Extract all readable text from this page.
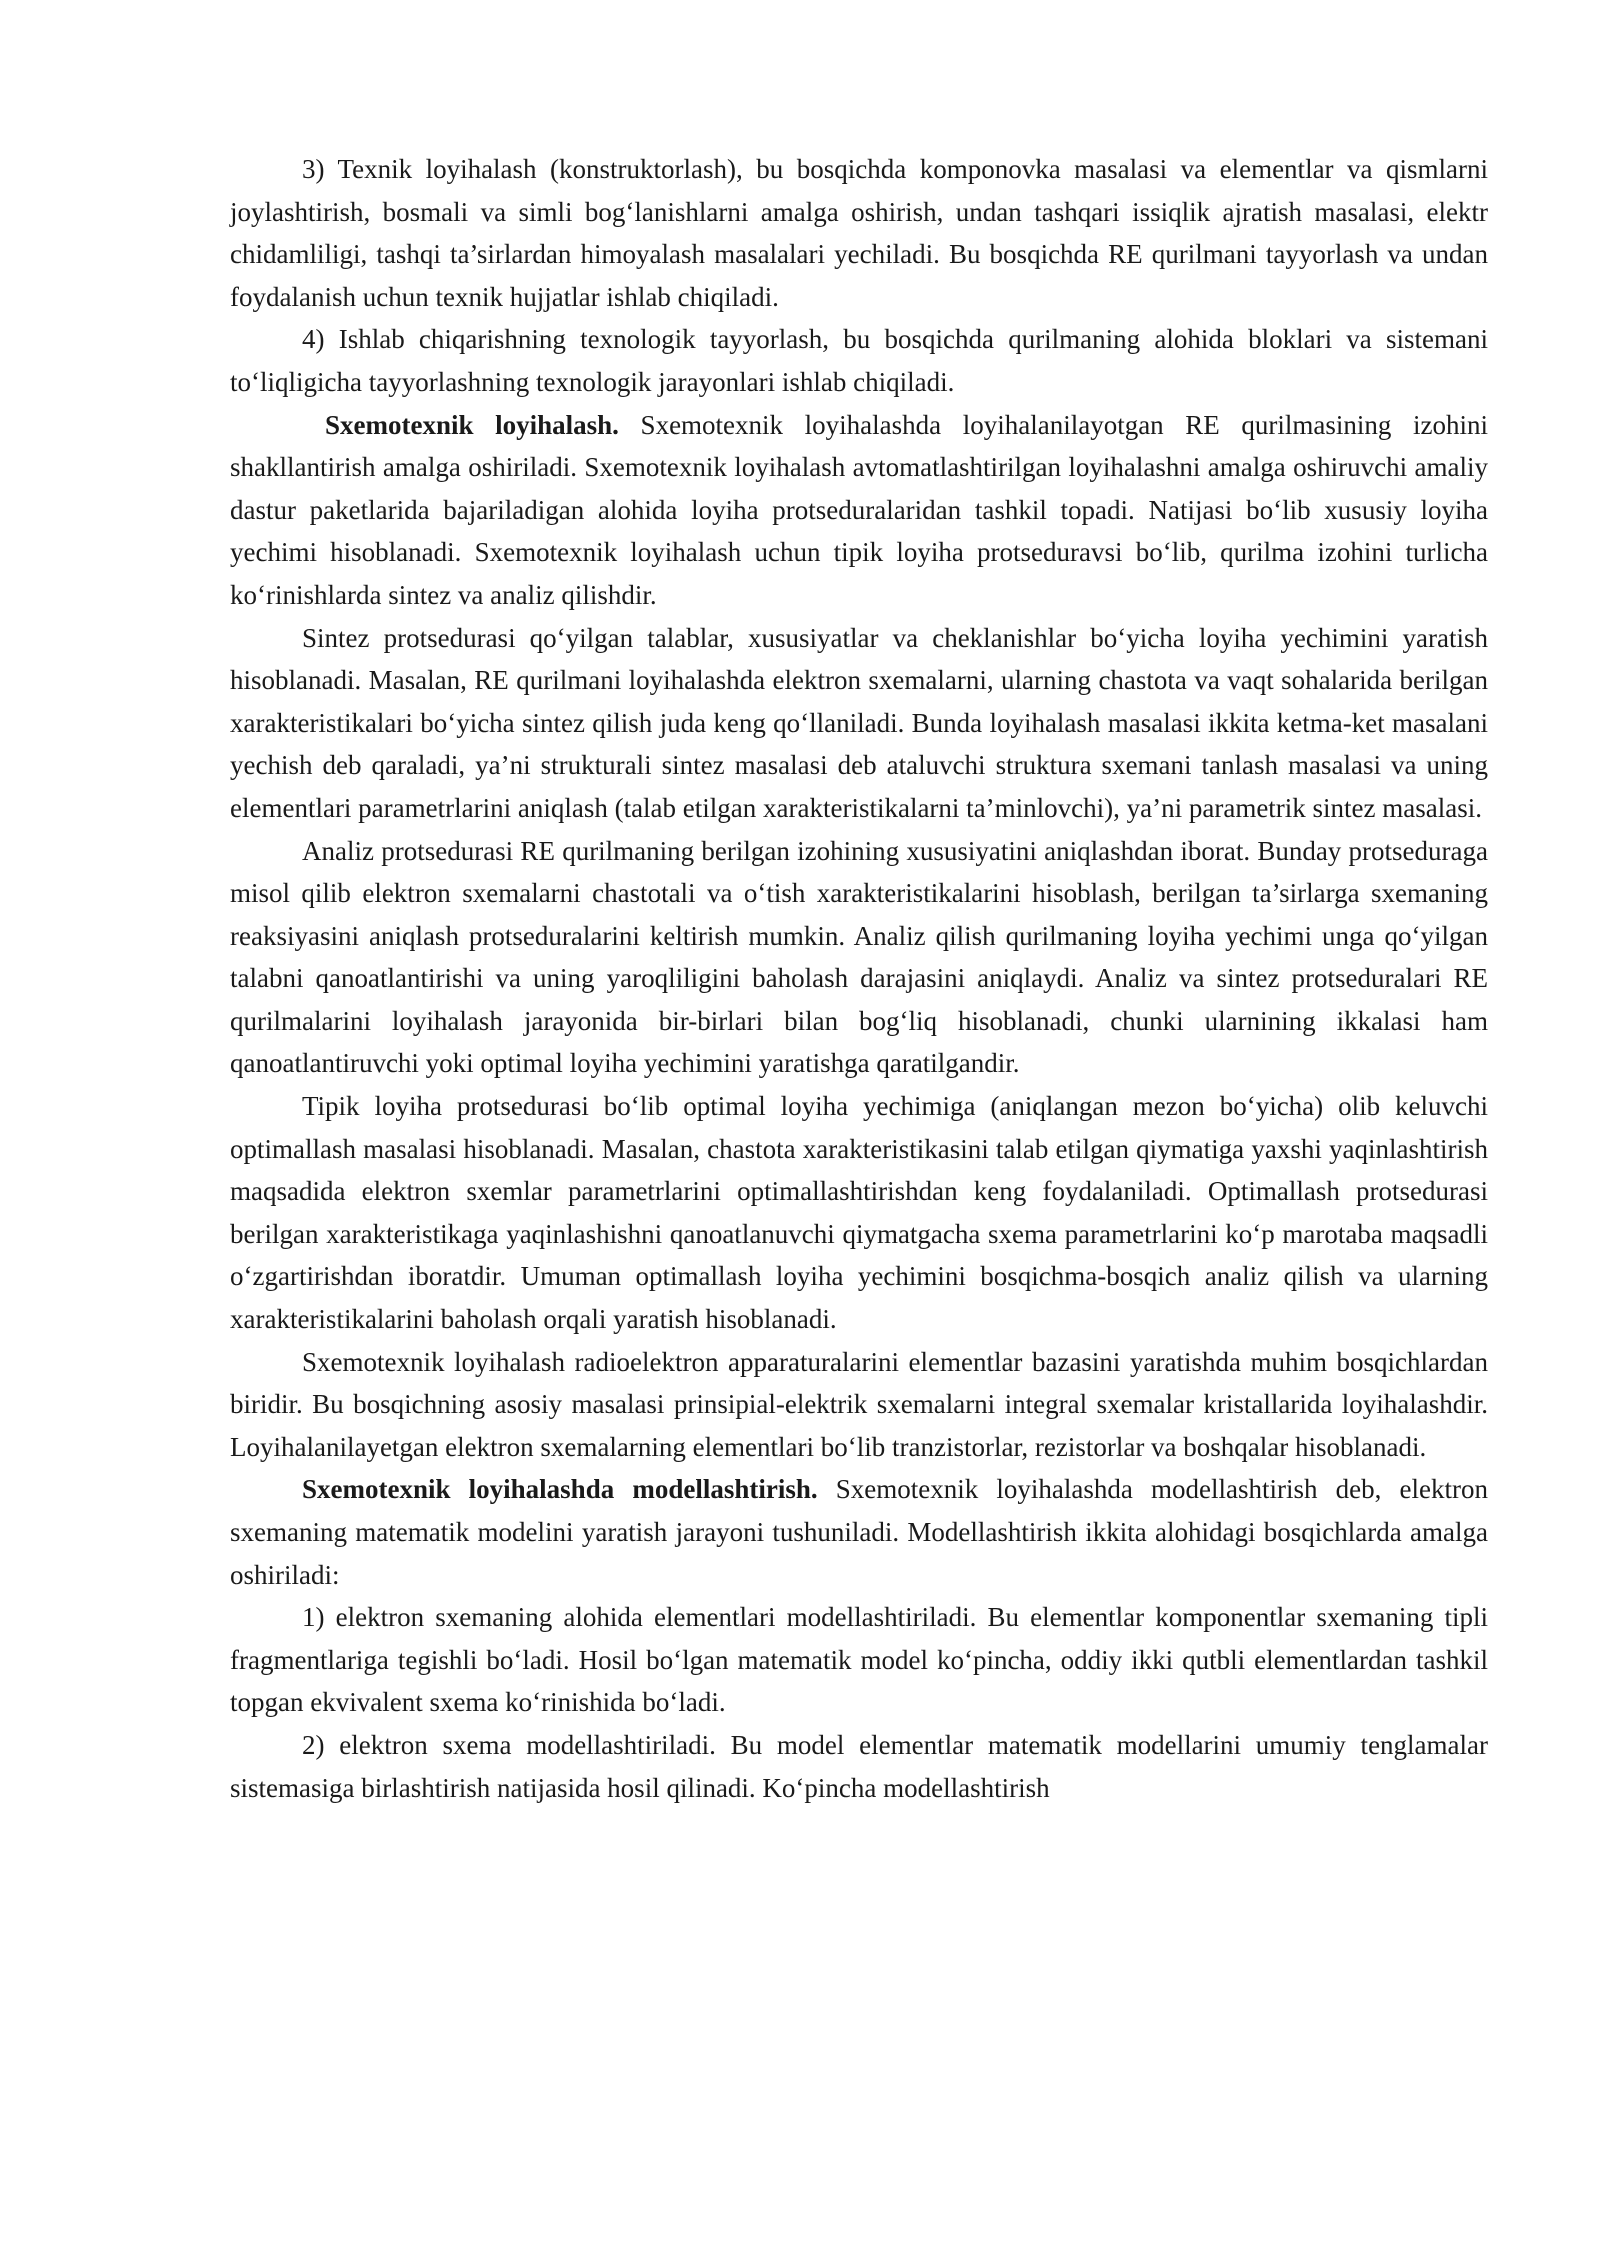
3) Texnik loyihalash (konstruktorlash), bu bosqichda komponovka masalasi va elementlar va qismlarni joylashtirish, bosmali va simli bog‘lanishlarni amalga oshirish, undan tashqari issiqlik ajratish masalasi, elektr chidamliligi, tashqi ta’sirlardan himoyalash masalalari yechiladi. Bu bosqichda RE qurilmani tayyorlash va undan foydalanish uchun texnik hujjatlar ishlab chiqiladi.

4) Ishlab chiqarishning texnologik tayyorlash, bu bosqichda qurilmaning alohida bloklari va sistemani to‘liqligicha tayyorlashning texnologik jarayonlari ishlab chiqiladi.

Sxemotexnik loyihalash. Sxemotexnik loyihalashda loyihalanilayotgan RE qurilmasining izohini shakllantirish amalga oshiriladi. Sxemotexnik loyihalash avtomatlashtirilgan loyihalashni amalga oshiruvchi amaliy dastur paketlarida bajariladigan alohida loyiha protseduralaridan tashkil topadi. Natijasi bo‘lib xususiy loyiha yechimi hisoblanadi. Sxemotexnik loyihalash uchun tipik loyiha protseduravsi bo‘lib, qurilma izohini turlicha ko‘rinishlarda sintez va analiz qilishdir.

Sintez protsedurasi qo‘yilgan talablar, xususiyatlar va cheklanishlar bo‘yicha loyiha yechimini yaratish hisoblanadi. Masalan, RE qurilmani loyihalashda elektron sxemalarni, ularning chastota va vaqt sohalarida berilgan xarakteristikalari bo‘yicha sintez qilish juda keng qo‘llaniladi. Bunda loyihalash masalasi ikkita ketma-ket masalani yechish deb qaraladi, ya’ni strukturali sintez masalasi deb ataluvchi struktura sxemani tanlash masalasi va uning elementlari parametrlarini aniqlash (talab etilgan xarakteristikalarni ta’minlovchi), ya’ni parametrik sintez masalasi.

Analiz protsedurasi RE qurilmaning berilgan izohining xususiyatini aniqlashdan iborat. Bunday protseduraga misol qilib elektron sxemalarni chastotali va o‘tish xarakteristikalarini hisoblash, berilgan ta’sirlarga sxemaning reaksiyasini aniqlash protseduralarini keltirish mumkin. Analiz qilish qurilmaning loyiha yechimi unga qo‘yilgan talabni qanoatlantirishi va uning yaroqliligini baholash darajasini aniqlaydi. Analiz va sintez protseduralari RE qurilmalarini loyihalash jarayonida bir-birlari bilan bog‘liq hisoblanadi, chunki ularnining ikkalasi ham qanoatlantiruvchi yoki optimal loyiha yechimini yaratishga qaratilgandir.

Tipik loyiha protsedurasi bo‘lib optimal loyiha yechimiga (aniqlangan mezon bo‘yicha) olib keluvchi optimallash masalasi hisoblanadi. Masalan, chastota xarakteristikasini talab etilgan qiymatiga yaxshi yaqinlashtirish maqsadida elektron sxemlar parametrlarini optimallashtirishdan keng foydalaniladi. Optimallash protsedurasi berilgan xarakteristikaga yaqinlashishni qanoatlanuvchi qiymatgacha sxema parametrlarini ko‘p marotaba maqsadli o‘zgartirishdan iboratdir. Umuman optimallash loyiha yechimini bosqichma-bosqich analiz qilish va ularning xarakteristikalarini baholash orqali yaratish hisoblanadi.

Sxemotexnik loyihalash radioelektron apparaturalarini elementlar bazasini yaratishda muhim bosqichlardan biridir. Bu bosqichning asosiy masalasi prinsipial-elektrik sxemalarni integral sxemalar kristallarida loyihalashdir. Loyihalanilayetgan elektron sxemalarning elementlari bo‘lib tranzistorlar, rezistorlar va boshqalar hisoblanadi.

Sxemotexnik loyihalashda modellashtirish. Sxemotexnik loyihalashda modellashtirish deb, elektron sxemaning matematik modelini yaratish jarayoni tushuniladi. Modellashtirish ikkita alohidagi bosqichlarda amalga oshiriladi:

1) elektron sxemaning alohida elementlari modellashtiriladi. Bu elementlar komponentlar sxemaning tipli fragmentlariga tegishli bo‘ladi. Hosil bo‘lgan matematik model ko‘pincha, oddiy ikki qutbli elementlardan tashkil topgan ekvivalent sxema ko‘rinishida bo‘ladi.

2) elektron sxema modellashtiriladi. Bu model elementlar matematik modellarini umumiy tenglamalar sistemasiga birlashtirish natijasida hosil qilinadi. Ko‘pincha modellashtirish
